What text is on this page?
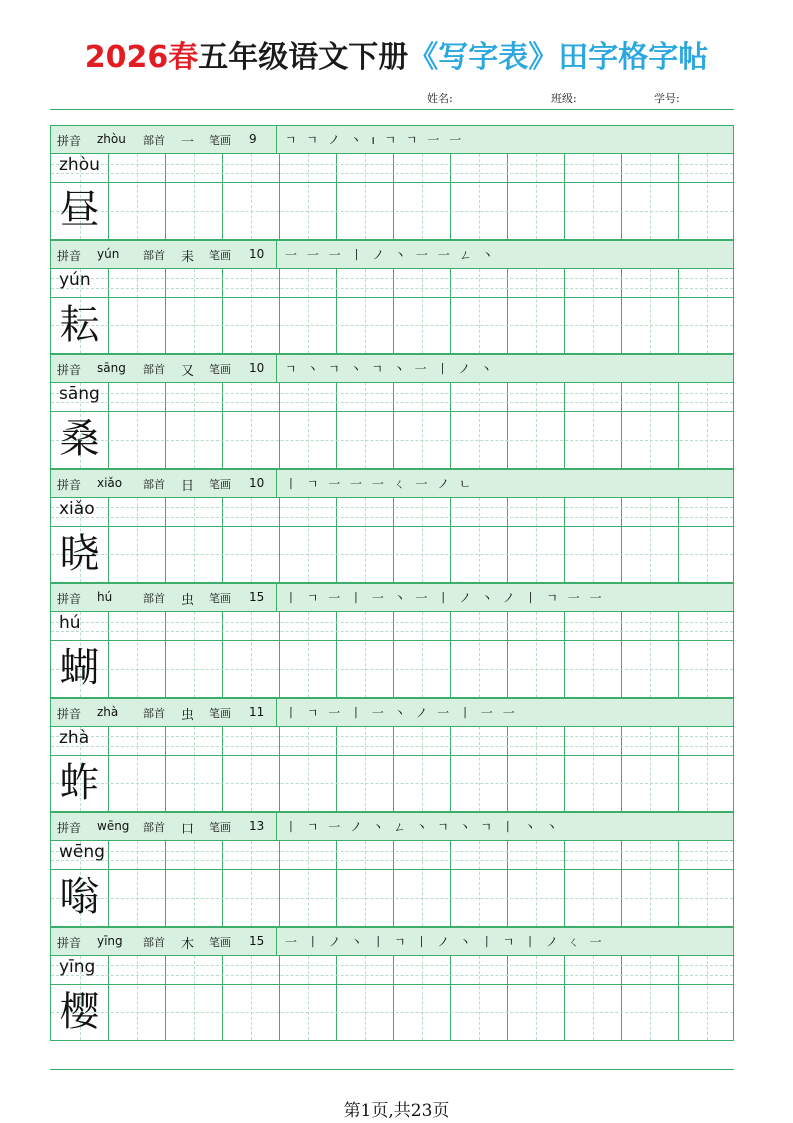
2026春五年级语文下册《写字表》田字格字帖
姓名:	班级:	学号:
拼音 zhòu 部首 一 笔画 9 ㄱ ㄱ ノ 丶 ı ㄱ ㄱ 一 一
zhòu
昼
拼音 yún 部首 耒 笔画 10 一 一 一 丨 ノ 丶 一 一 ㄥ 丶
yún
耘
拼音 sāng 部首 又 笔画 10 ㄱ 丶 ㄱ 丶 ㄱ 丶 一 丨 ノ 丶
sāng
桑
拼音 xiǎo 部首 日 笔画 10 丨 ㄱ 一 一 一 ㄑ 一 ノ ㄴ
xiǎo
晓
拼音 hú	部首 虫 笔画 15 丨 ㄱ 一 丨 一 丶 一 丨 ノ 丶 ノ 丨 ㄱ 一 一
hú
蝴
拼音 zhà 部首 虫 笔画 11 丨 ㄱ 一 丨 一 丶 ノ 一 丨 一 一
zhà
蚱
拼音 wēng 部首 口 笔画 13 丨 ㄱ 一 ノ 丶 ㄥ 丶 ㄱ 丶 ㄱ 丨 丶 丶
wēng
嗡
拼音 yīng 部首 木 笔画 15 一 丨 ノ 丶 丨 ㄱ 丨 ノ 丶 丨 ㄱ 丨 ノ ㄑ 一
yīng
樱
第1页,共23页
